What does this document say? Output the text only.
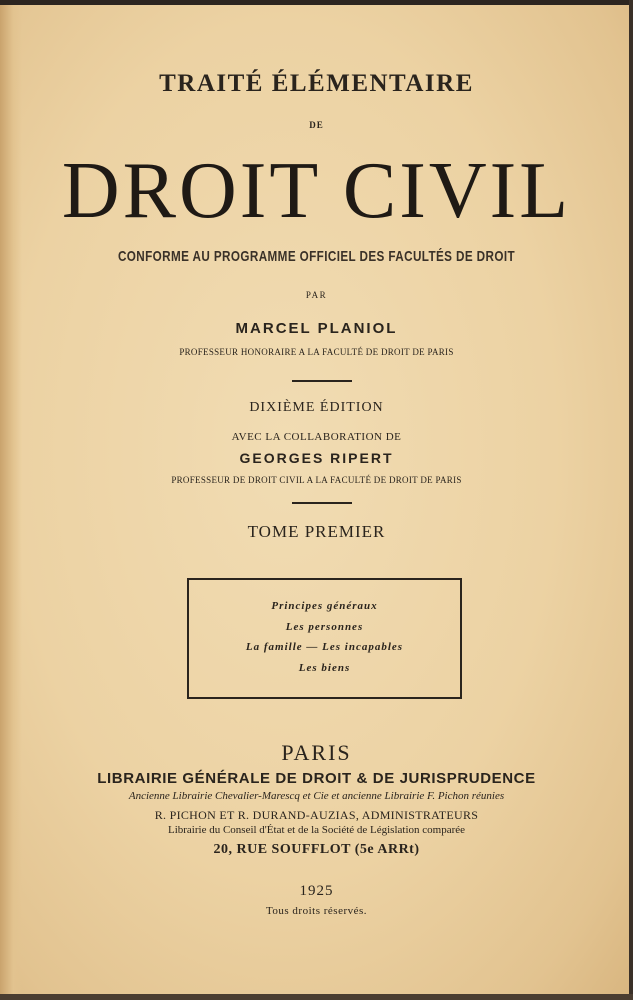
TRAITÉ ÉLÉMENTAIRE
DE
DROIT CIVIL
CONFORME AU PROGRAMME OFFICIEL DES FACULTÉS DE DROIT
PAR
MARCEL PLANIOL
PROFESSEUR HONORAIRE A LA FACULTÉ DE DROIT DE PARIS
DIXIÈME ÉDITION
AVEC LA COLLABORATION DE
GEORGES RIPERT
PROFESSEUR DE DROIT CIVIL A LA FACULTÉ DE DROIT DE PARIS
TOME PREMIER
Principes généraux
Les personnes
La famille — Les incapables
Les biens
PARIS
LIBRAIRIE GÉNÉRALE DE DROIT & DE JURISPRUDENCE
Ancienne Librairie Chevalier-Marescq et Cie et ancienne Librairie F. Pichon réunies
R. PICHON ET R. DURAND-AUZIAS, ADMINISTRATEURS
Librairie du Conseil d'État et de la Société de Législation comparée
20, RUE SOUFFLOT (5e ARRt)
1925
Tous droits réservés.
